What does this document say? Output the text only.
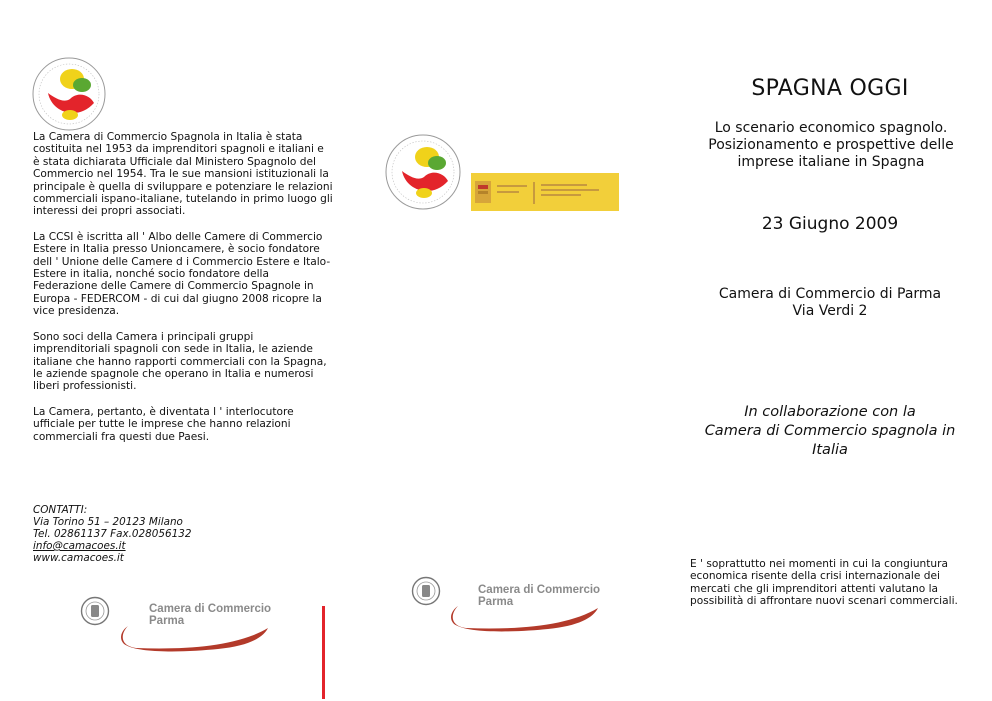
La Camera di Commercio Spagnola in Italia è stata costituita nel 1953 da imprenditori spagnoli e italiani e è stata dichiarata Ufficiale dal Ministero Spagnolo del Commercio nel 1954. Tra le sue mansioni istituzionali la principale è quella di sviluppare e potenziare le relazioni commerciali ispano-italiane, tutelando in primo luogo gli interessi dei propri associati.

La CCSI è iscritta all ' Albo delle Camere di Commercio Estere in Italia presso Unioncamere, è socio fondatore dell ' Unione delle Camere d i Commercio Estere e Italo-Estere in italia, nonché socio fondatore della Federazione delle Camere di Commercio Spagnole in Europa - FEDERCOM - di cui dal giugno 2008 ricopre la vice presidenza.

Sono soci della Camera i principali gruppi imprenditoriali spagnoli con sede in Italia, le aziende italiane che hanno rapporti commerciali con la Spagna, le aziende spagnole che operano in Italia e numerosi liberi professionisti.

La Camera, pertanto, è diventata l ' interlocutore ufficiale per tutte le imprese che hanno relazioni commerciali fra questi due Paesi.

CONTATTI:
Via Torino 51 – 20123 Milano
Tel. 02861137 Fax.028056132
info@camacoes.it
www.camacoes.it
Camera di Commercio
Parma
Camera di Commercio
Parma
SPAGNA OGGI
Lo scenario economico spagnolo.
Posizionamento e prospettive delle
imprese italiane in Spagna
23 Giugno 2009
Camera di Commercio di Parma
Via Verdi 2
In collaborazione con la
Camera di Commercio spagnola in
Italia
E ' soprattutto nei momenti in cui la congiuntura economica risente della crisi internazionale dei mercati che gli imprenditori attenti valutano la possibilità di affrontare nuovi scenari commerciali.
